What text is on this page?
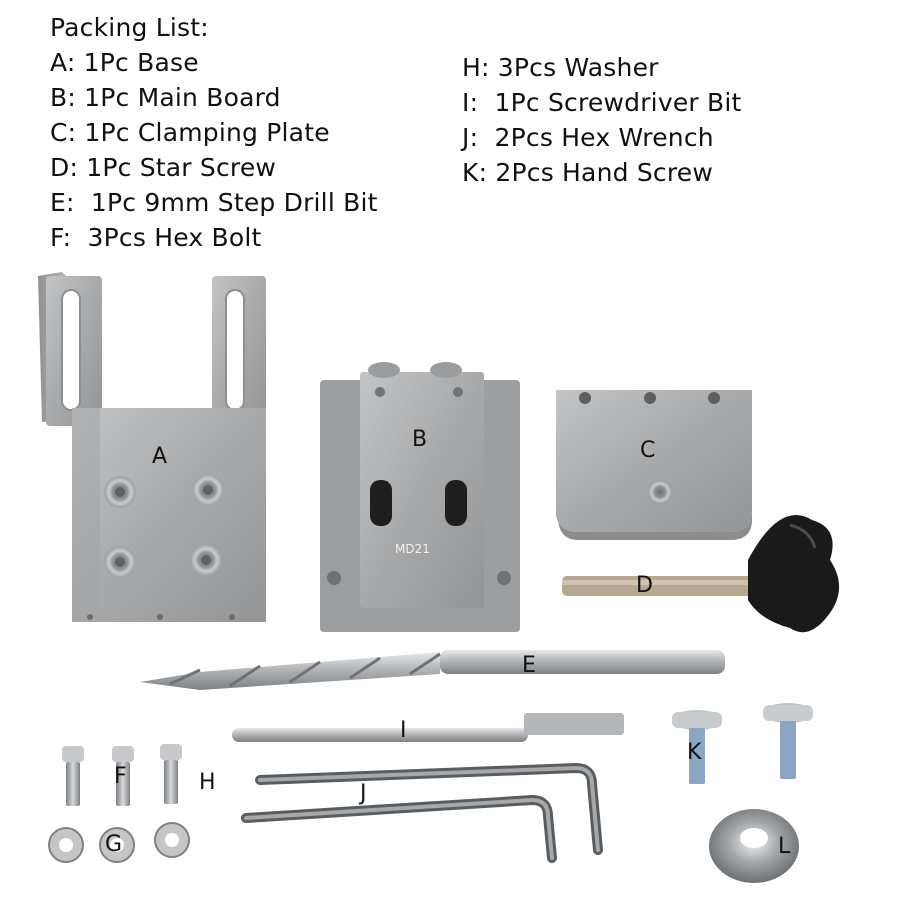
Packing List:
A: 1Pc Base
B: 1Pc Main Board
C: 1Pc Clamping Plate
D: 1Pc Star Screw
E:  1Pc 9mm Step Drill Bit
F:  3Pcs Hex Bolt
H: 3Pcs Washer
I:  1Pc Screwdriver Bit
J:  2Pcs Hex Wrench
K: 2Pcs Hand Screw
A
B	C
D
E
I
K
F	H	J
G	L
MD21
